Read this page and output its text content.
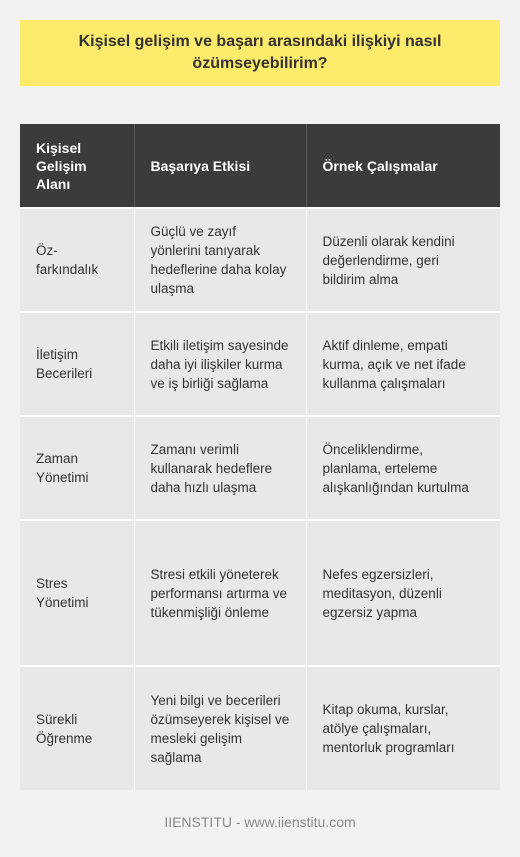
Kişisel gelişim ve başarı arasındaki ilişkiyi nasıl özümseyebilirim?
Kişisel Gelişim Alanı	Başarıya Etkisi	Örnek Çalışmalar
Öz-farkındalık	Güçlü ve zayıf yönlerini tanıyarak hedeflerine daha kolay ulaşma	Düzenli olarak kendini değerlendirme, geri bildirim alma
İletişim Becerileri	Etkili iletişim sayesinde daha iyi ilişkiler kurma ve iş birliği sağlama	Aktif dinleme, empati kurma, açık ve net ifade kullanma çalışmaları
Zaman Yönetimi	Zamanı verimli kullanarak hedeflere daha hızlı ulaşma	Önceliklendirme, planlama, erteleme alışkanlığından kurtulma
Stres Yönetimi	Stresi etkili yöneterek performansı artırma ve tükenmişliği önleme	Nefes egzersizleri, meditasyon, düzenli egzersiz yapma
Sürekli Öğrenme	Yeni bilgi ve becerileri özümseyerek kişisel ve mesleki gelişim sağlama	Kitap okuma, kurslar, atölye çalışmaları, mentorluk programları
IIENSTITU - www.iienstitu.com
